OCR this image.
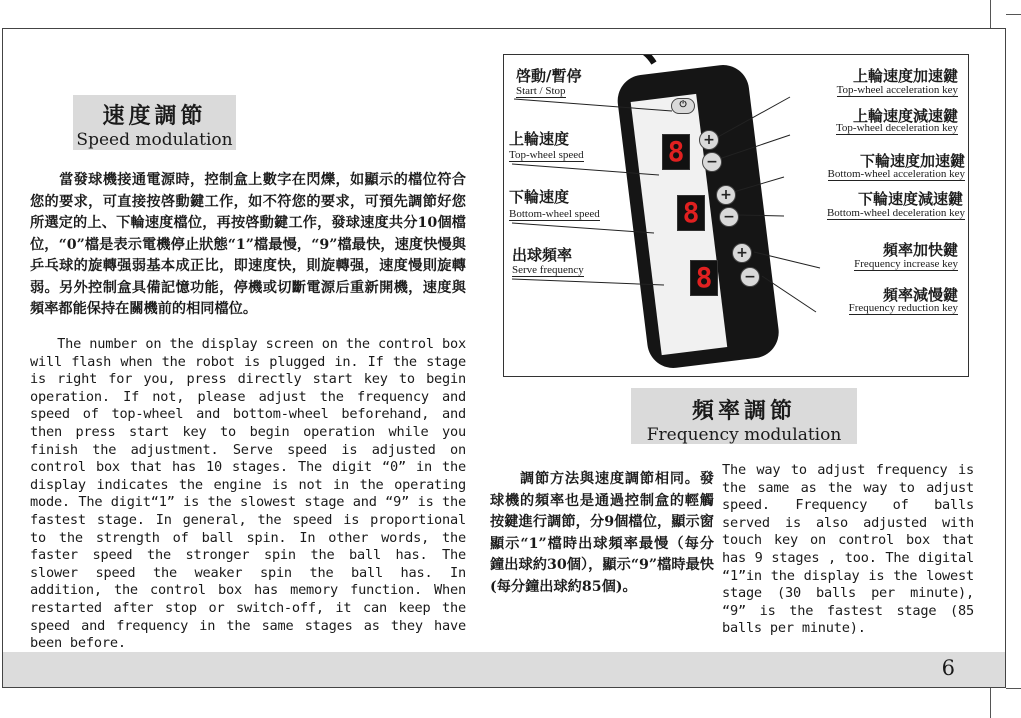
速度調節
Speed modulation
　　當發球機接通電源時，控制盒上數字在閃爍，如顯示的檔位符合您的要求，可直接按啓動鍵工作，如不符您的要求，可預先調節好您所選定的上、下輪速度檔位，再按啓動鍵工作，發球速度共分10個檔位，“0”檔是表示電機停止狀態“1”檔最慢，“9”檔最快，速度快慢與乒乓球的旋轉强弱基本成正比，即速度快，則旋轉强，速度慢則旋轉弱。另外控制盒具備記憶功能，停機或切斷電源后重新開機，速度與頻率都能保持在關機前的相同檔位。
　　The number on the display screen on the control box will flash when the robot is plugged in. If the stage is right for you, press directly start key to begin operation. If not, please adjust the frequency and speed of top-wheel and bottom-wheel beforehand, and then press start key to begin operation while you finish the adjustment. Serve speed is adjusted on control box that has 10 stages. The digit “0” in the display indicates the engine is not in the operating mode. The digit“1” is the slowest stage and “9” is the fastest stage. In general, the speed is proportional to the strength of ball spin. In other words, the faster speed the stronger spin the ball has. The slower speed the weaker spin the ball has. In addition, the control box has memory function. When restarted after stop or switch-off, it can keep the speed and frequency in the same stages as they have been before.
⏻
8
8
8
+
−
+
−
+
−
啓動/暫停
Start / Stop
上輪速度
Top-wheel speed
下輪速度
Bottom-wheel speed
出球頻率
Serve frequency
上輪速度加速鍵
Top-wheel acceleration key
上輪速度減速鍵
Top-wheel deceleration key
下輪速度加速鍵
Bottom-wheel acceleration key
下輪速度減速鍵
Bottom-wheel deceleration key
頻率加快鍵
Frequency increase key
頻率減慢鍵
Frequency reduction key
頻率調節
Frequency modulation
　　調節方法與速度調節相同。發球機的頻率也是通過控制盒的輕觸按鍵進行調節，分9個檔位，顯示窗顯示“1”檔時出球頻率最慢（每分鐘出球約30個），顯示“9”檔時最快(每分鐘出球約85個)。
The way to adjust frequency is the same as the way to adjust speed. Frequency of balls served is also adjusted with touch key on control box that has 9 stages , too. The digital “1”in the display is the lowest stage (30 balls per minute), “9” is the fastest stage (85 balls per minute).
6
